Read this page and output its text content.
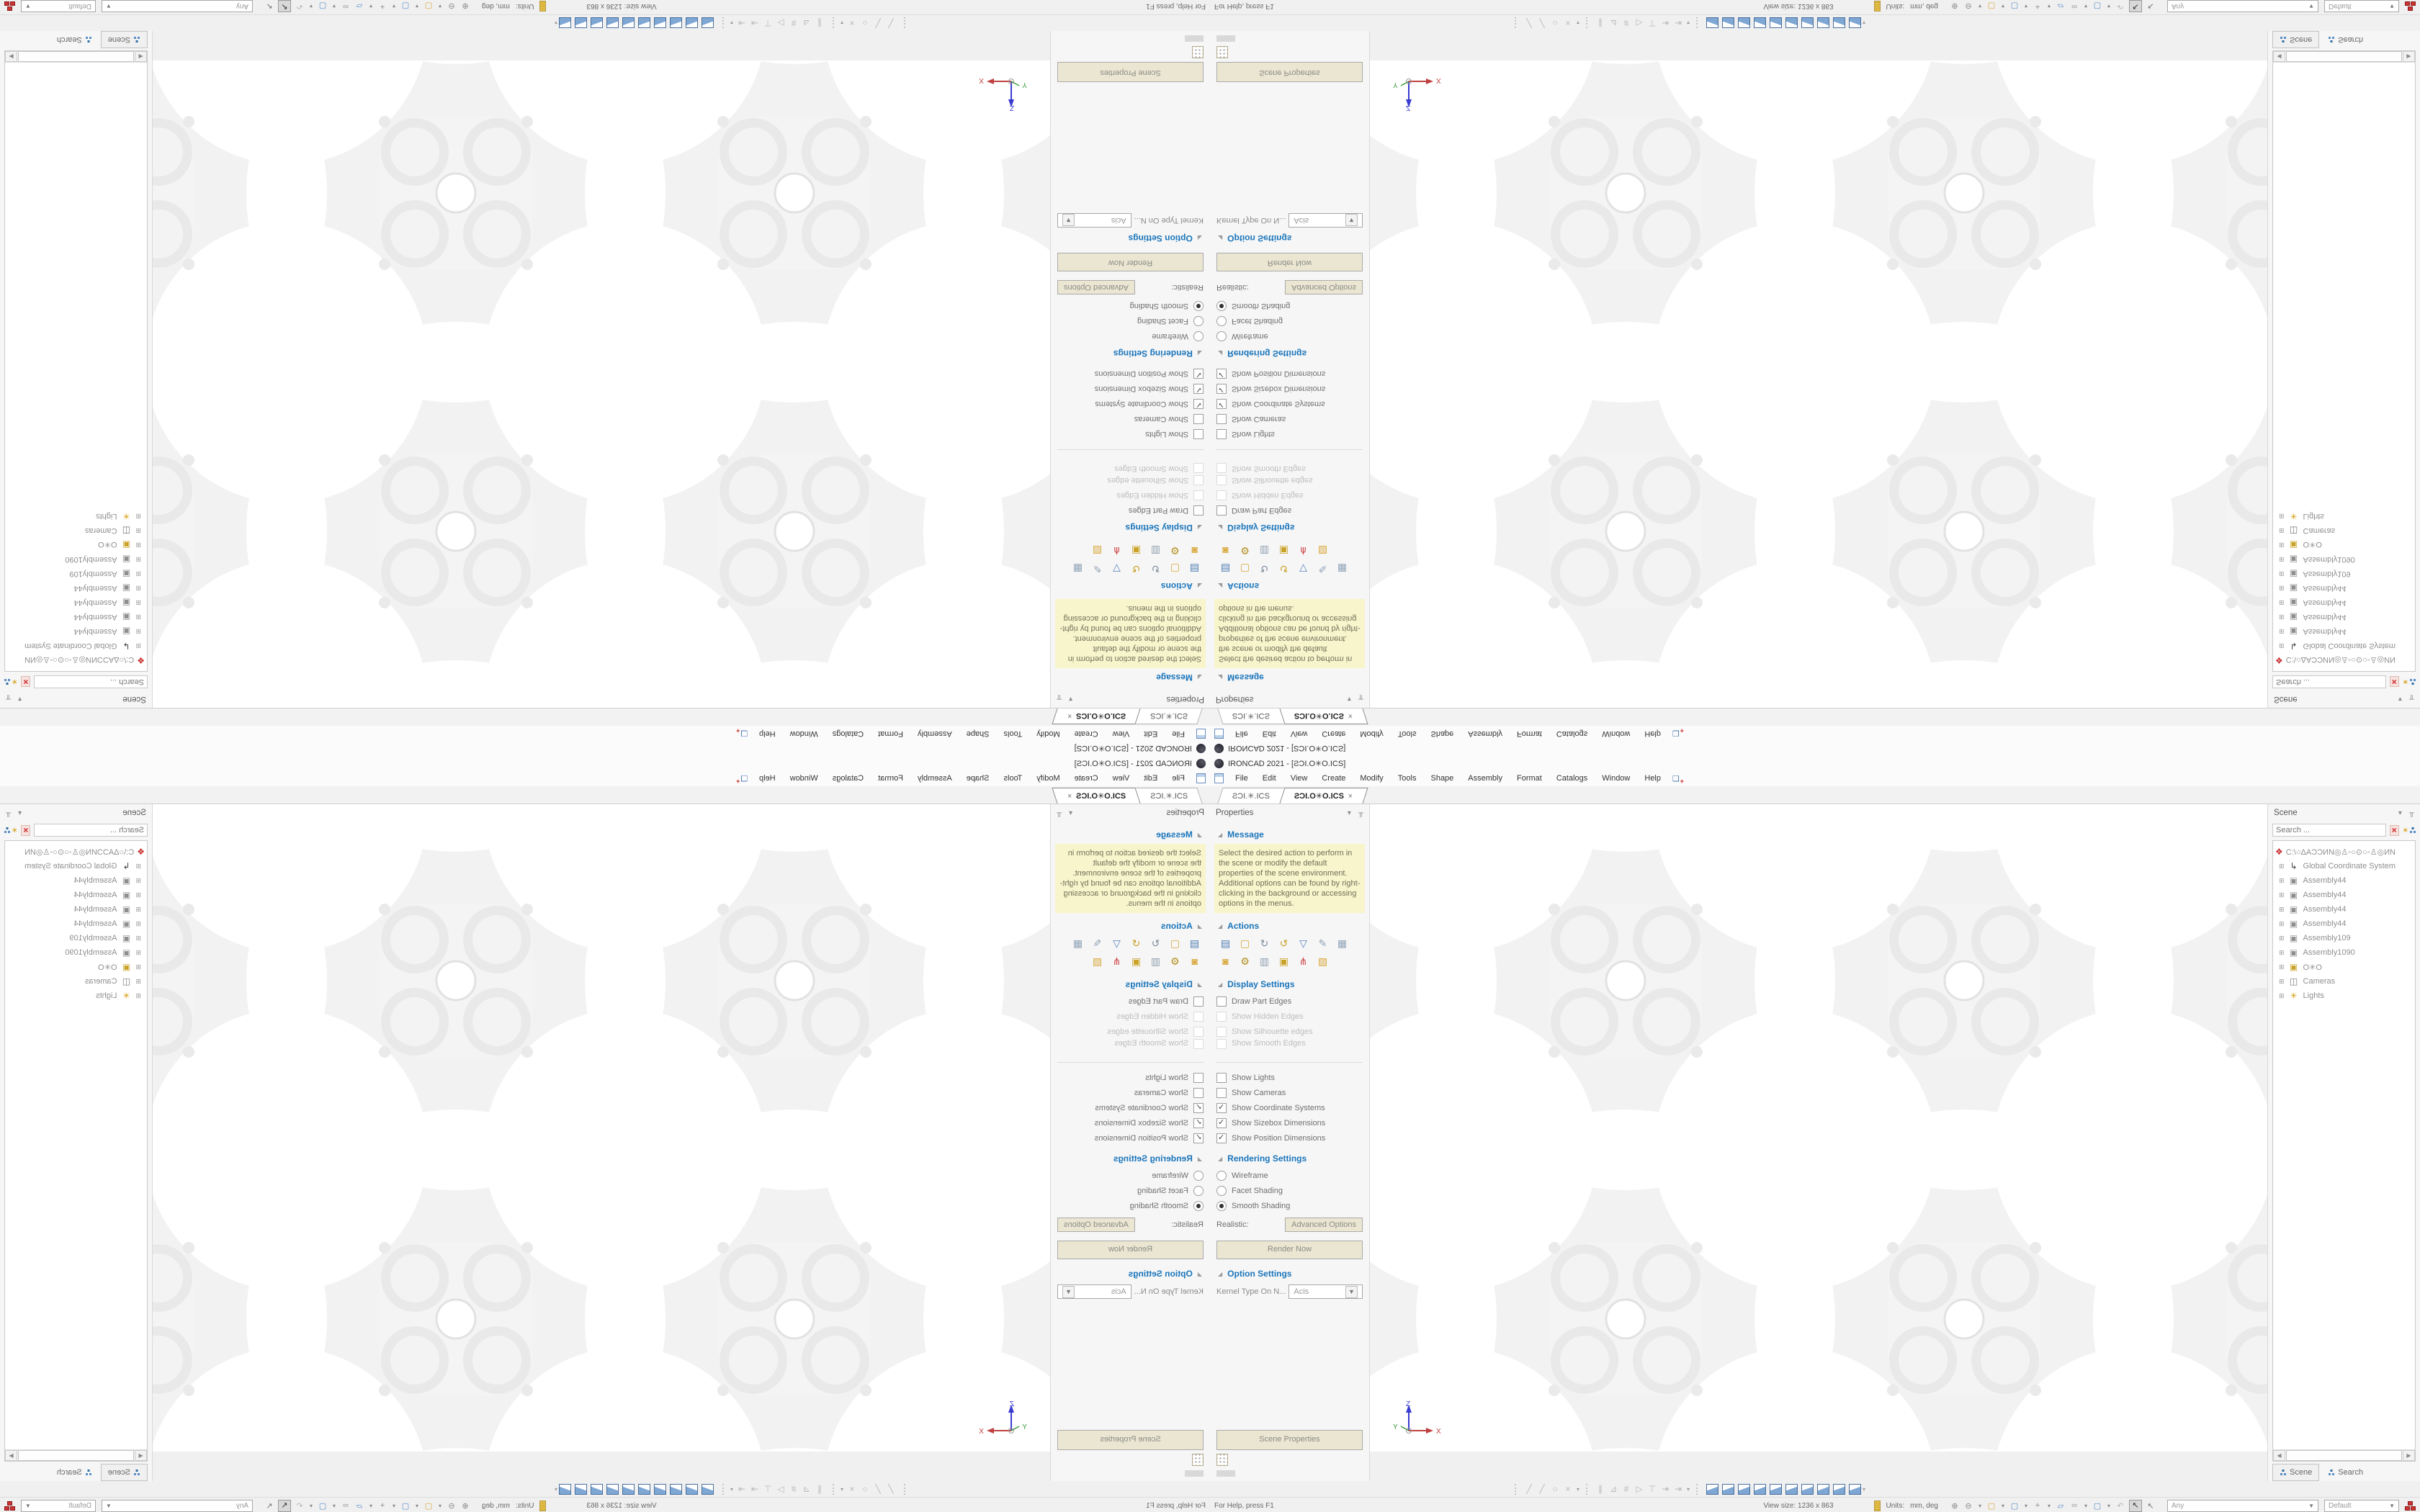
IRONCAD 2021 - [ƧƆI.O✳O.ICS]
File	Edit	View	Create	Modify	Tools	Shape	Assembly	Format	Catalogs	Window	Help	❑ +
ƧƆI.✳.ICS	ƧƆI.O✳O.ICS ×
Properties	▾ ╥
◢ Message
Select the desired action to perform in the scene or modify the default properties of the scene environment. Additional options can be found by right-clicking in the background or accessing options in the menus.
◢ Actions
▤ ▢ ↻ ↺ ▽ ✎ ▦
◙	⚙ ▥ ▣ ⋔ ▧
◢ Display Settings
Draw Part Edges
Show Hidden Edges
Show Silhouette edges
Show Smooth Edges
Show Lights
Show Cameras
✓
Show Coordinate Systems
✓
Show Sizebox Dimensions
✓
Show Position Dimensions
◢ Rendering Settings
Wireframe
Facet Shading
Smooth Shading
Realistic:	Advanced Options
Render Now
◢ Option Settings
Kernel Type On N... Acis	▼
Scene Properties
Z
X
Y
Scene	▾ ╥
Search ...
× ∗
❖ C:\○ΔAƆƆИN◎♙◦○⊙○◦♙◎ИN
⊞ ↳ Global Coordinate System
⊞ ▣ Assembly44
⊞ ▣ Assembly44
⊞ ▣ Assembly44
⊞ ▣ Assembly44
⊞ ▣ Assembly109
⊞ ▣ Assembly1090
⊞ ▣ O✳O
⊞ ◫ Cameras
⊞ ☀ Lights
◀	▶
Scene	Search
╱ ╱ ○ ×	▾	∥ ⊿ # ▷ ⊤ ⇥ ⇥ ▾	▾
For Help, press F1	View size: 1236 x 863	Units: mm, deg ⊕ ⊖ ▾ ▢ ▾ ▢ ▾ +	▾ ▱ ∞	▾ ▢ ▾ ↶	↖	↖ Any	▼ Default	▼
IRONCAD 2021 - [ƧƆI.O✳O.ICS]
File
Edit
View
Create
Modify
Tools
Shape
Assembly
Format
Catalogs
Window
Help
❑
+
ƧƆI.✳.ICS
ƧƆI.O✳O.ICS
×
Properties
▾
╥
◢
Message
Select the desired action to perform in the scene or modify the default properties of the scene environment. Additional options can be found by right-clicking in the background or accessing options in the menus.
◢
Actions
▤
▢
↻
↺
▽
✎
▦
◙
⚙
▥
▣
⋔
▧
◢
Display Settings
Draw Part Edges
Show Hidden Edges
Show Silhouette edges
Show Smooth Edges
Show Lights
Show Cameras
✓
Show Coordinate Systems
✓
Show Sizebox Dimensions
✓
Show Position Dimensions
◢
Rendering Settings
Wireframe
Facet Shading
Smooth Shading
Realistic:
Advanced Options
Render Now
◢
Option Settings
Kernel Type On N...
Acis
▼
Scene Properties
Z
X
Y
Scene
▾
╥
Search ...
×
∗
❖
C:\○ΔAƆƆИN◎♙◦○⊙○◦♙◎ИN
⊞
↳
Global Coordinate System
⊞
▣
Assembly44
⊞
▣
Assembly44
⊞
▣
Assembly44
⊞
▣
Assembly44
⊞
▣
Assembly109
⊞
▣
Assembly1090
⊞
▣
O✳O
⊞
◫
Cameras
⊞
☀
Lights
◀
▶
Scene
Search
╱
╱
○
×
▾
∥
⊿
#
▷
⊤
⇥
⇥
▾
▾
For Help, press F1
View size: 1236 x 863
Units:
mm, deg
⊕
⊖
▾
▢
▾
▢
▾
+
▾
▱
∞
▾
▢
▾
↶
↖
↖
Any
▼
Default
▼
IRONCAD 2021 - [ƧƆI.O✳O.ICS]
File	Edit	View	Create	Modify	Tools	Shape	Assembly	Format	Catalogs	Window	Help	❑ +
ƧƆI.✳.ICS	ƧƆI.O✳O.ICS ×
Properties	▾ ╥
◢ Message
Select the desired action to perform in the scene or modify the default properties of the scene environment. Additional options can be found by right-clicking in the background or accessing options in the menus.
◢ Actions
▤ ▢ ↻ ↺ ▽ ✎ ▦
◙	⚙ ▥ ▣ ⋔ ▧
◢ Display Settings
Draw Part Edges
Show Hidden Edges
Show Silhouette edges
Show Smooth Edges
Show Lights
Show Cameras
✓
Show Coordinate Systems
✓
Show Sizebox Dimensions
✓
Show Position Dimensions
◢ Rendering Settings
Wireframe
Facet Shading
Smooth Shading
Realistic:	Advanced Options
Render Now
◢ Option Settings
Kernel Type On N... Acis	▼
Scene Properties
Z
X
Y
Scene	▾ ╥
Search ...
× ∗
❖ C:\○ΔAƆƆИN◎♙◦○⊙○◦♙◎ИN
⊞ ↳ Global Coordinate System
⊞ ▣ Assembly44
⊞ ▣ Assembly44
⊞ ▣ Assembly44
⊞ ▣ Assembly44
⊞ ▣ Assembly109
⊞ ▣ Assembly1090
⊞ ▣ O✳O
⊞ ◫ Cameras
⊞ ☀ Lights
◀	▶
Scene	Search
╱ ╱ ○ ×	▾	∥ ⊿ # ▷ ⊤ ⇥ ⇥ ▾	▾
For Help, press F1	View size: 1236 x 863	Units: mm, deg ⊕ ⊖ ▾ ▢ ▾ ▢ ▾ +	▾ ▱ ∞	▾ ▢ ▾ ↶	↖	↖ Any	▼ Default	▼
IRONCAD 2021 - [ƧƆI.O✳O.ICS]
File
Edit
View
Create
Modify
Tools
Shape
Assembly
Format
Catalogs
Window
Help
❑
+
ƧƆI.✳.ICS
ƧƆI.O✳O.ICS
×
Properties
▾
╥
◢
Message
Select the desired action to perform in the scene or modify the default properties of the scene environment. Additional options can be found by right-clicking in the background or accessing options in the menus.
◢
Actions
▤
▢
↻
↺
▽
✎
▦
◙
⚙
▥
▣
⋔
▧
◢
Display Settings
Draw Part Edges
Show Hidden Edges
Show Silhouette edges
Show Smooth Edges
Show Lights
Show Cameras
✓
Show Coordinate Systems
✓
Show Sizebox Dimensions
✓
Show Position Dimensions
◢
Rendering Settings
Wireframe
Facet Shading
Smooth Shading
Realistic:
Advanced Options
Render Now
◢
Option Settings
Kernel Type On N...
Acis
▼
Scene Properties
Z
X
Y
Scene
▾
╥
Search ...
×
∗
❖
C:\○ΔAƆƆИN◎♙◦○⊙○◦♙◎ИN
⊞
↳
Global Coordinate System
⊞
▣
Assembly44
⊞
▣
Assembly44
⊞
▣
Assembly44
⊞
▣
Assembly44
⊞
▣
Assembly109
⊞
▣
Assembly1090
⊞
▣
O✳O
⊞
◫
Cameras
⊞
☀
Lights
◀
▶
Scene
Search
╱
╱
○
×
▾
∥
⊿
#
▷
⊤
⇥
⇥
▾
▾
For Help, press F1
View size: 1236 x 863
Units:
mm, deg
⊕
⊖
▾
▢
▾
▢
▾
+
▾
▱
∞
▾
▢
▾
↶
↖
↖
Any
▼
Default
▼
